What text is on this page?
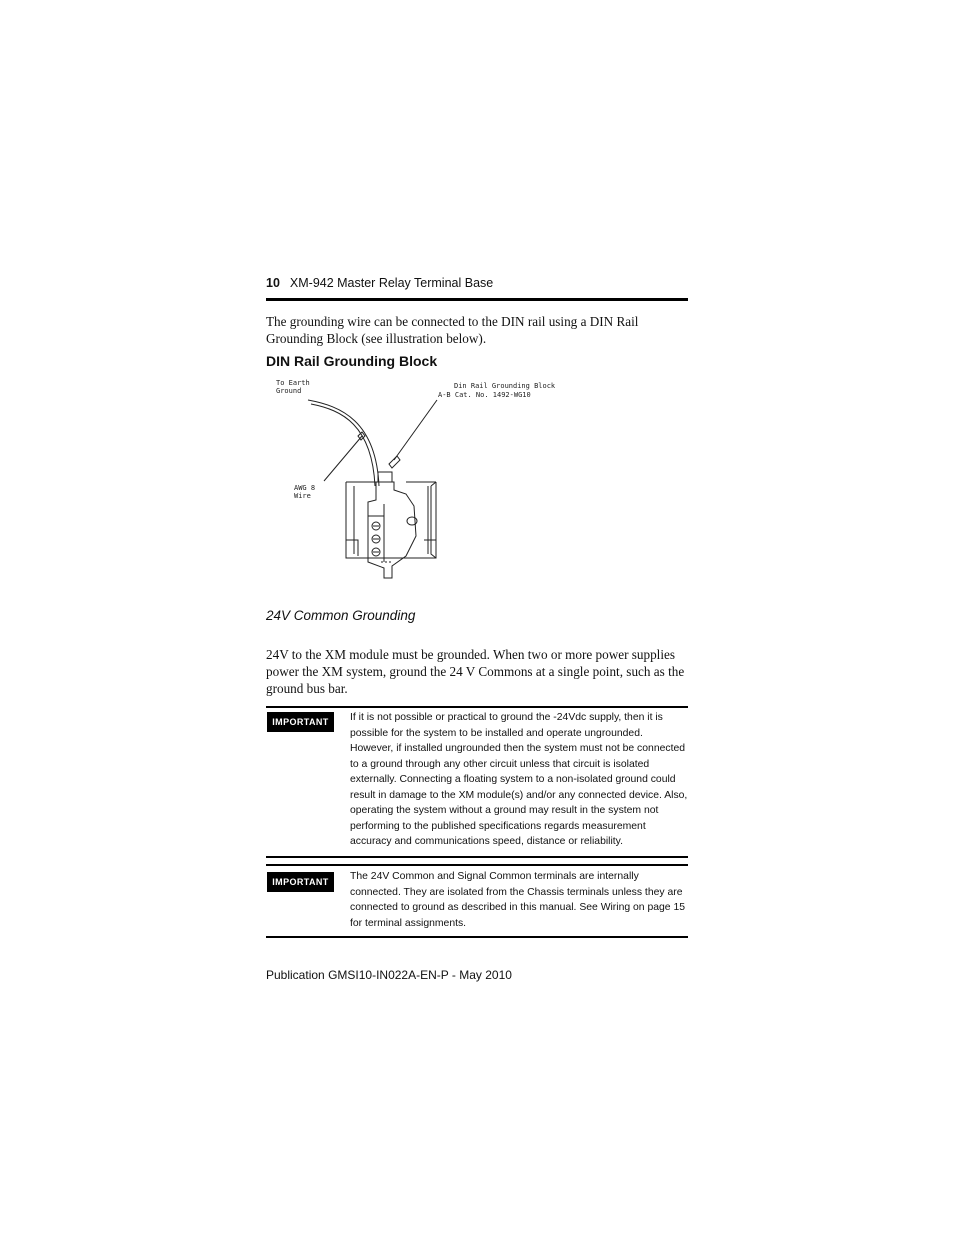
10 XM-942 Master Relay Terminal Base
The grounding wire can be connected to the DIN rail using a DIN Rail Grounding Block (see illustration below).
DIN Rail Grounding Block
To Earth
Ground
Din Rail Grounding Block
A-B Cat. No. 1492-WG10
AWG 8
Wire
24V Common Grounding
24V to the XM module must be grounded. When two or more power supplies power the XM system, ground the 24 V Commons at a single point, such as the ground bus bar.
IMPORTANT	If it is not possible or practical to ground the -24Vdc supply, then it is possible for the system to be installed and operate ungrounded. However, if installed ungrounded then the system must not be connected to a ground through any other circuit unless that circuit is isolated externally. Connecting a floating system to a non-isolated ground could result in damage to the XM module(s) and/or any connected device. Also, operating the system without a ground may result in the system not performing to the published specifications regards measurement accuracy and communications speed, distance or reliability.
IMPORTANT	The 24V Common and Signal Common terminals are internally connected. They are isolated from the Chassis terminals unless they are connected to ground as described in this manual. See Wiring on page 15 for terminal assignments.
Publication GMSI10-IN022A-EN-P - May 2010
